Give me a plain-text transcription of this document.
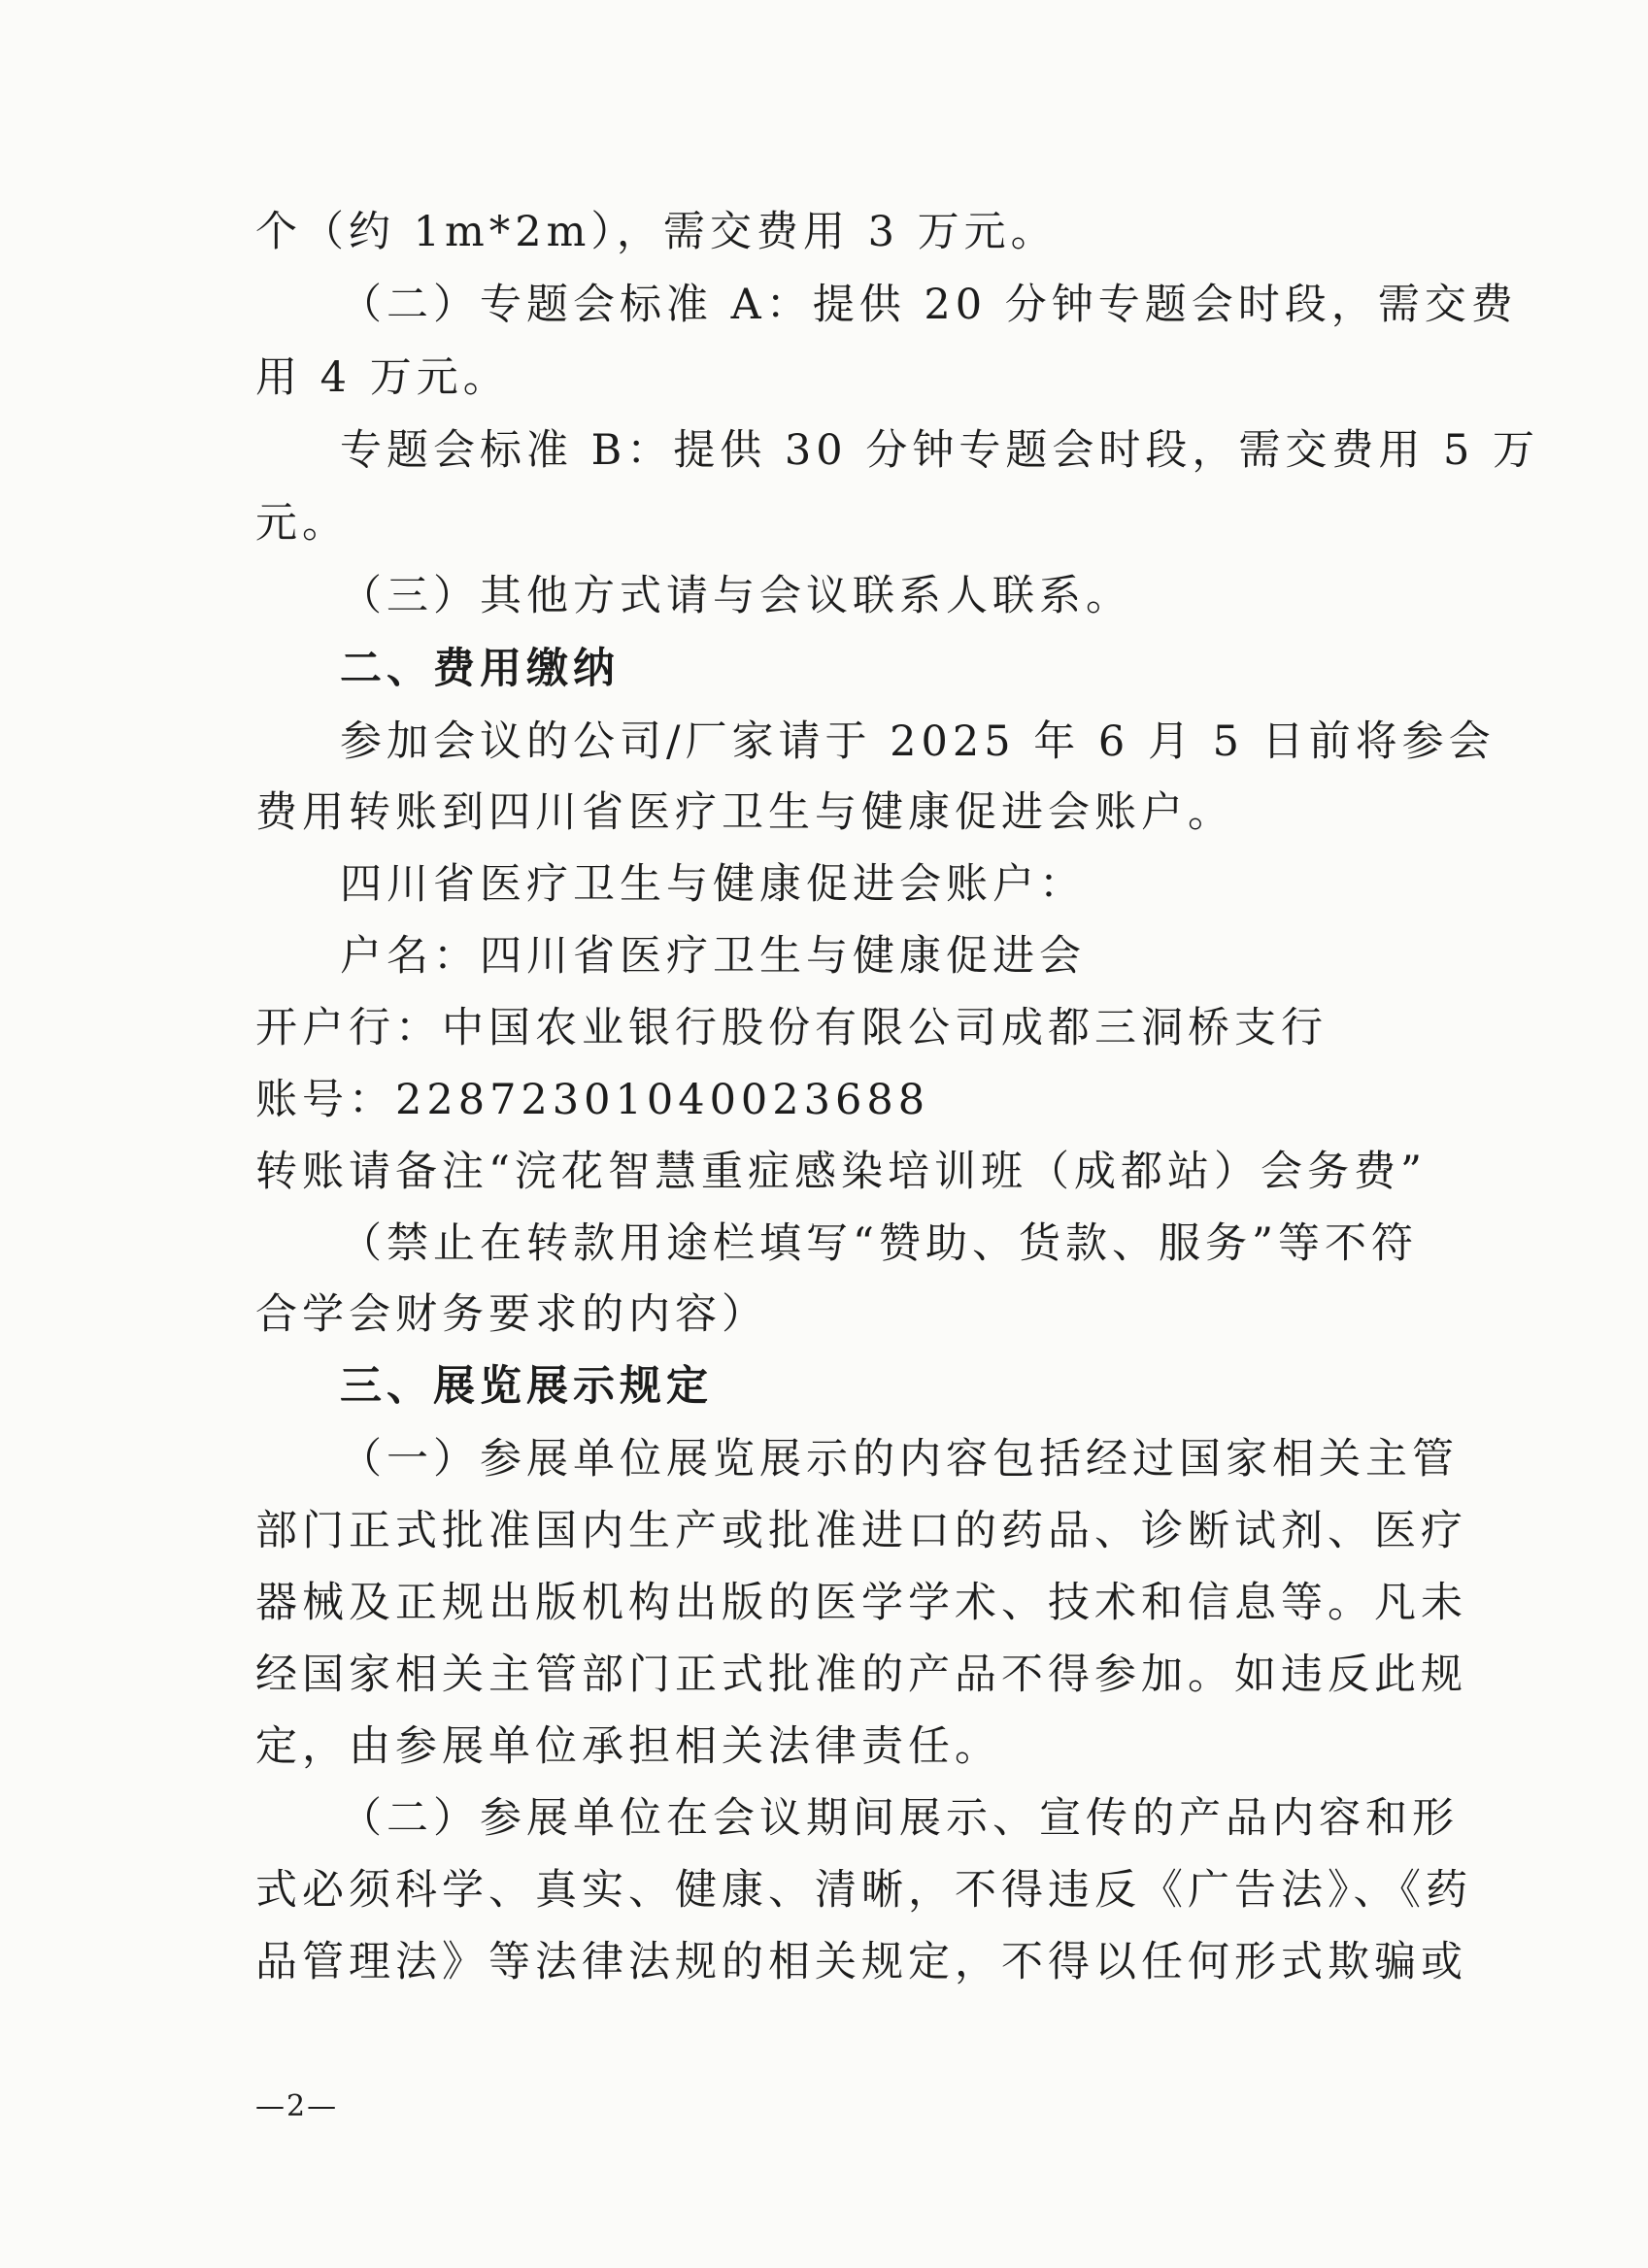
个（约 1m*2m），需交费用 3 万元。
（二）专题会标准 A：提供 20 分钟专题会时段，需交费
用 4 万元。
专题会标准 B：提供 30 分钟专题会时段，需交费用 5 万
元。
（三）其他方式请与会议联系人联系。
二、费用缴纳
参加会议的公司/厂家请于 2025 年 6 月 5 日前将参会
费用转账到四川省医疗卫生与健康促进会账户。
四川省医疗卫生与健康促进会账户：
户名：四川省医疗卫生与健康促进会
开户行：中国农业银行股份有限公司成都三洞桥支行
账号：22872301040023688
转账请备注“浣花智慧重症感染培训班（成都站）会务费”
（禁止在转款用途栏填写“赞助、货款、服务”等不符
合学会财务要求的内容）
三、展览展示规定
（一）参展单位展览展示的内容包括经过国家相关主管
部门正式批准国内生产或批准进口的药品、诊断试剂、医疗
器械及正规出版机构出版的医学学术、技术和信息等。凡未
经国家相关主管部门正式批准的产品不得参加。如违反此规
定，由参展单位承担相关法律责任。
（二）参展单位在会议期间展示、宣传的产品内容和形
式必须科学、真实、健康、清晰，不得违反《广告法》、《药
品管理法》等法律法规的相关规定，不得以任何形式欺骗或
—2—
